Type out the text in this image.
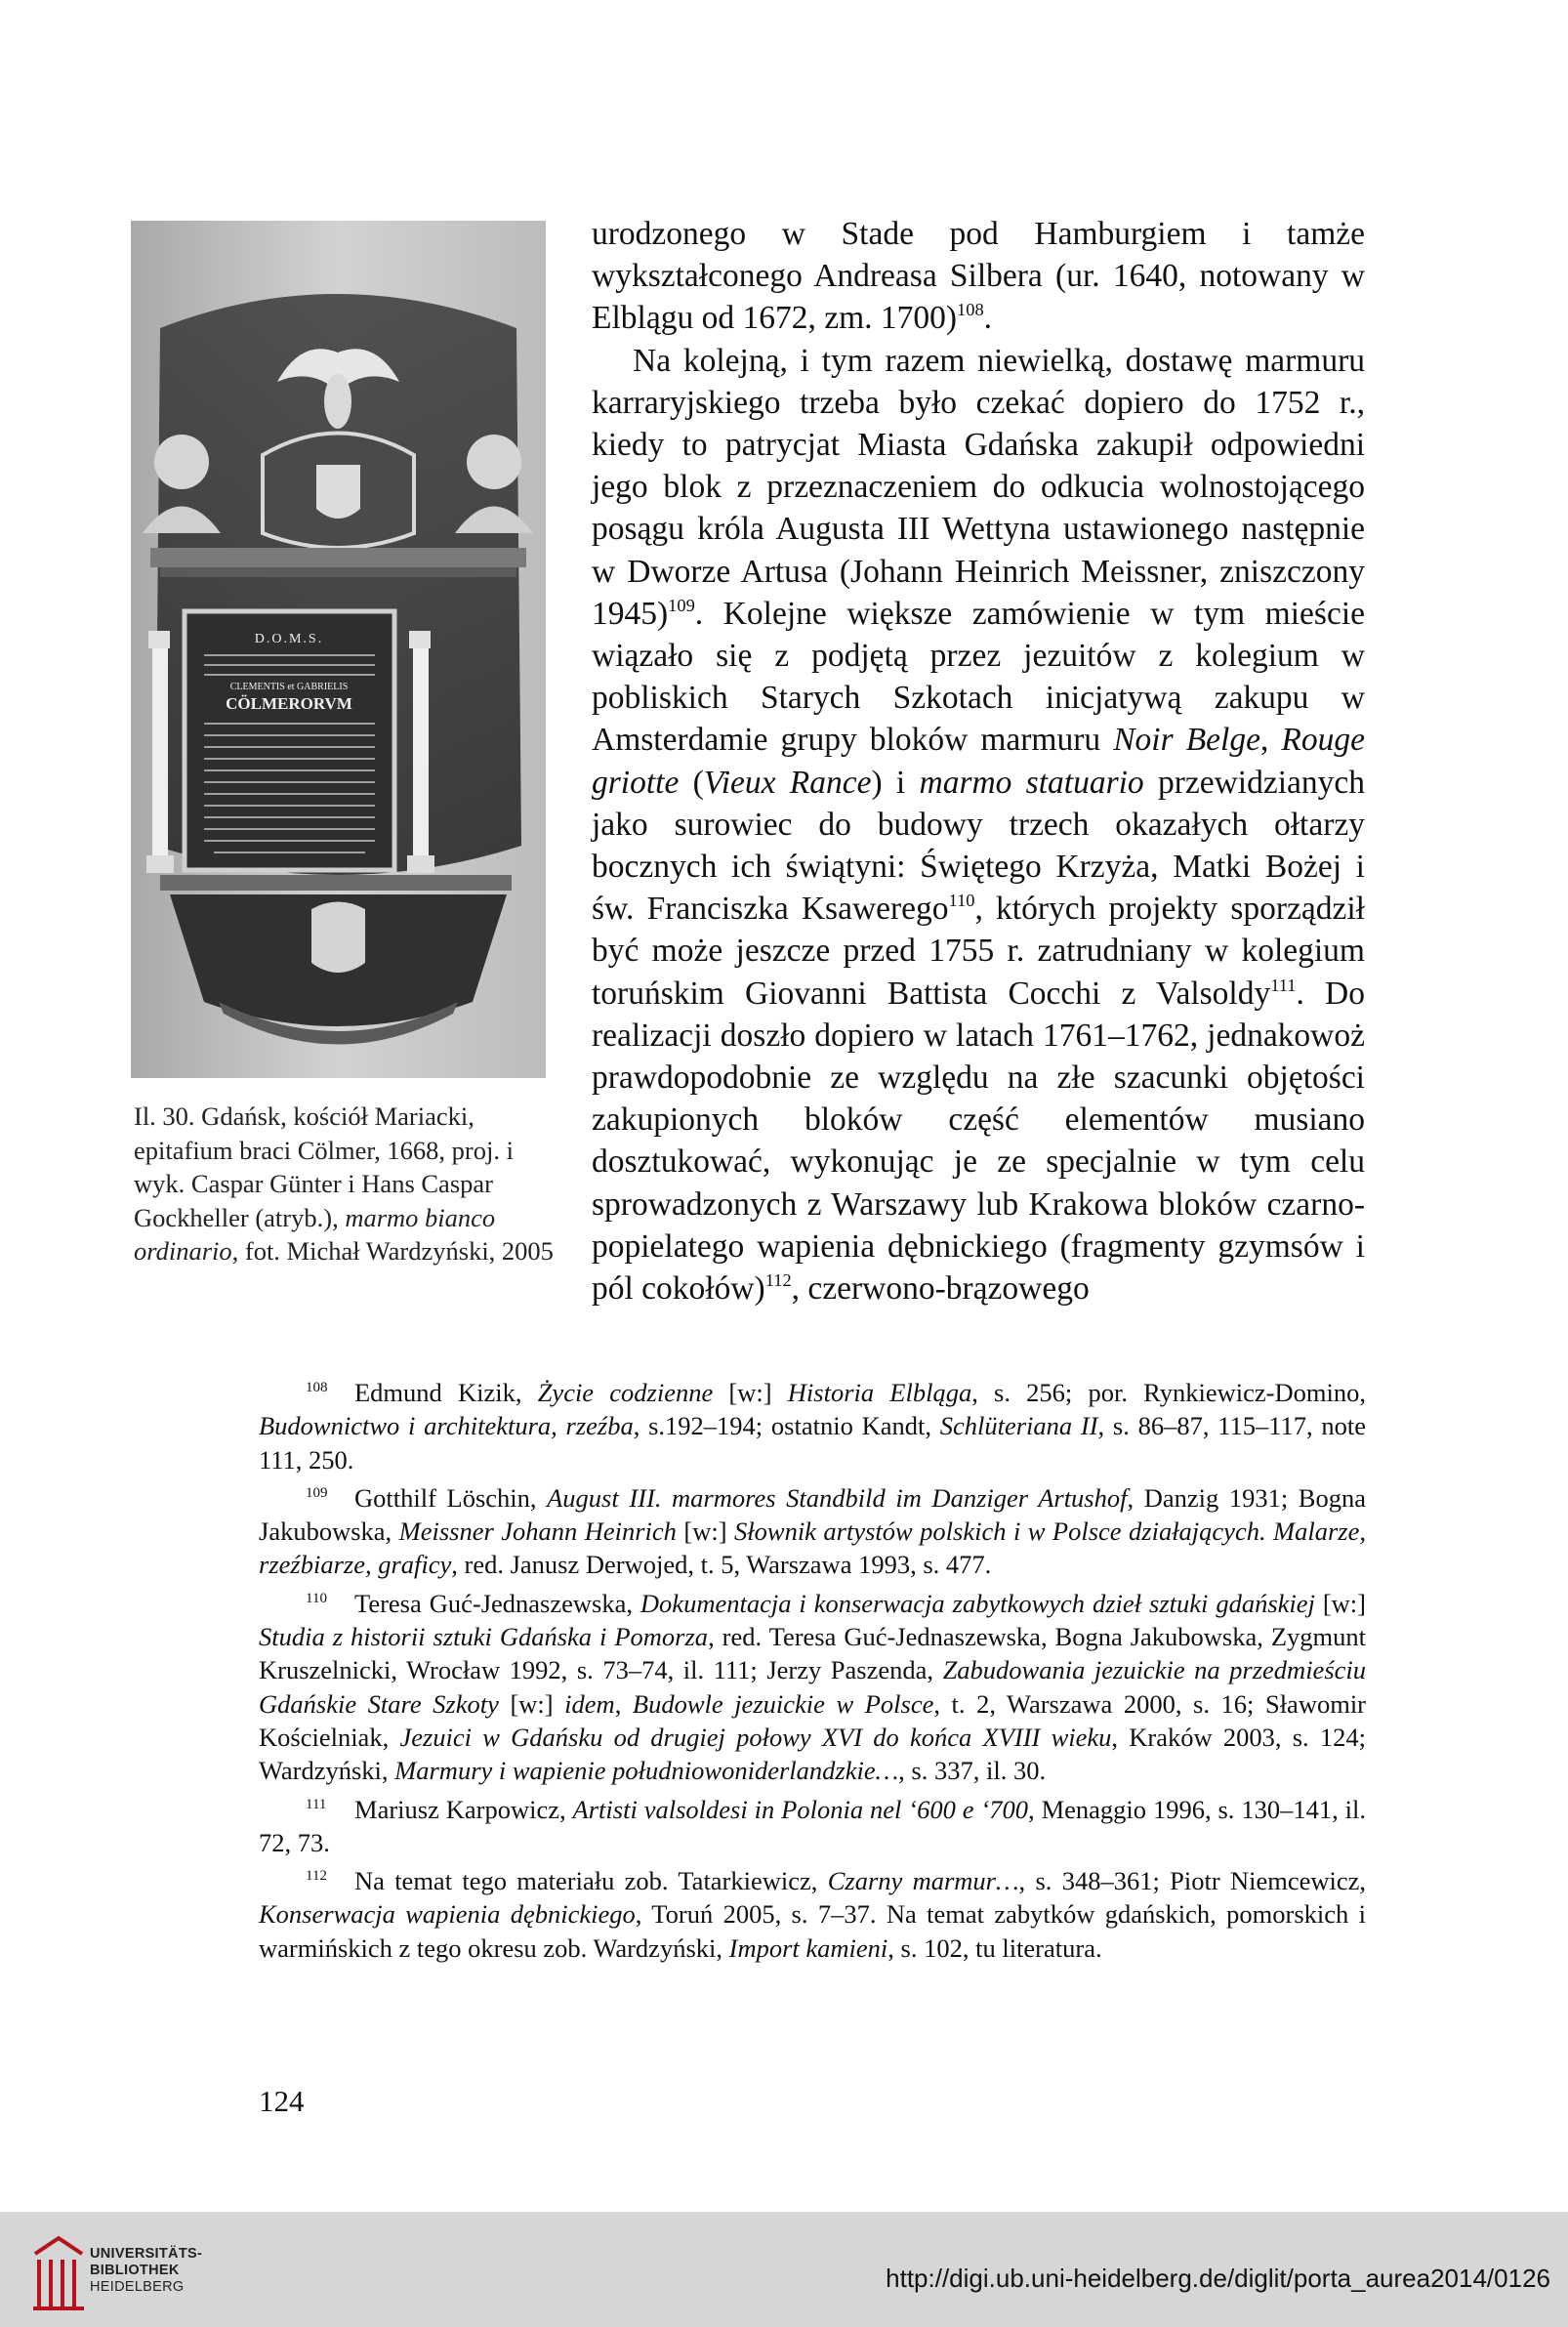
D.O.M.S.
CLEMENTIS et GABRIELIS
CÖLMERORVM
Il. 30. Gdańsk, kościół Mariacki, epitafium braci Cölmer, 1668, proj. i wyk. Caspar Günter i Hans Caspar Gockheller (atryb.), marmo bianco ordinario, fot. Michał Wardzyński, 2005

urodzonego w Stade pod Hamburgiem i tamże wykształconego Andreasa Silbera (ur. 1640, notowany w Elblągu od 1672, zm. 1700)$^{108}$.

Na kolejną, i tym razem niewielką, dostawę marmuru karraryjskiego trzeba było czekać dopiero do 1752 r., kiedy to patrycjat Miasta Gdańska zakupił odpowiedni jego blok z przeznaczeniem do odkucia wolnostojącego posągu króla Augusta III Wettyna ustawionego następnie w Dworze Artusa (Johann Heinrich Meissner, zniszczony 1945)$^{109}$. Kolejne większe zamówienie w tym mieście wiązało się z podjętą przez jezuitów z kolegium w pobliskich Starych Szkotach inicjatywą zakupu w Amsterdamie grupy bloków marmuru Noir Belge, Rouge griotte (Vieux Rance) i marmo statuario przewidzianych jako surowiec do budowy trzech okazałych ołtarzy bocznych ich świątyni: Świętego Krzyża, Matki Bożej i św. Franciszka Ksawerego$^{110}$, których projekty sporządził być może jeszcze przed 1755 r. zatrudniany w kolegium toruńskim Giovanni Battista Cocchi z Valsoldy$^{111}$. Do realizacji doszło dopiero w latach 1761–1762, jednakowoż prawdopodobnie ze względu na złe szacunki objętości zakupionych bloków część elementów musiano dosztukować, wykonując je ze specjalnie w tym celu sprowadzonych z Warszawy lub Krakowa bloków czarno-popielatego wapienia dębnickiego (fragmenty gzymsów i pól cokołów)$^{112}$, czerwono-brązowego

108 Edmund Kizik, Życie codzienne [w:] Historia Elbląga, s. 256; por. Rynkiewicz-Domino, Budownictwo i architektura, rzeźba, s.192–194; ostatnio Kandt, Schlüteriana II, s. 86–87, 115–117, note 111, 250.

109 Gotthilf Löschin, August III. marmores Standbild im Danziger Artushof, Danzig 1931; Bogna Jakubowska, Meissner Johann Heinrich [w:] Słownik artystów polskich i w Polsce działających. Malarze, rzeźbiarze, graficy, red. Janusz Derwojed, t. 5, Warszawa 1993, s. 477.

110 Teresa Guć-Jednaszewska, Dokumentacja i konserwacja zabytkowych dzieł sztuki gdańskiej [w:] Studia z historii sztuki Gdańska i Pomorza, red. Teresa Guć-Jednaszewska, Bogna Jakubowska, Zygmunt Kruszelnicki, Wrocław 1992, s. 73–74, il. 111; Jerzy Paszenda, Zabudowania jezuickie na przedmieściu Gdańskie Stare Szkoty [w:] idem, Budowle jezuickie w Polsce, t. 2, Warszawa 2000, s. 16; Sławomir Kościelniak, Jezuici w Gdańsku od drugiej połowy XVI do końca XVIII wieku, Kraków 2003, s. 124; Wardzyński, Marmury i wapienie południowoniderlandzkie…, s. 337, il. 30.

111 Mariusz Karpowicz, Artisti valsoldesi in Polonia nel ‘600 e ‘700, Menaggio 1996, s. 130–141, il. 72, 73.

112 Na temat tego materiału zob. Tatarkiewicz, Czarny marmur…, s. 348–361; Piotr Niemcewicz, Konserwacja wapienia dębnickiego, Toruń 2005, s. 7–37. Na temat zabytków gdańskich, pomorskich i warmińskich z tego okresu zob. Wardzyński, Import kamieni, s. 102, tu literatura.

124
UNIVERSITÄTS-
BIBLIOTHEK
HEIDELBERG	http://digi.ub.uni-heidelberg.de/diglit/porta_aurea2014/0126
